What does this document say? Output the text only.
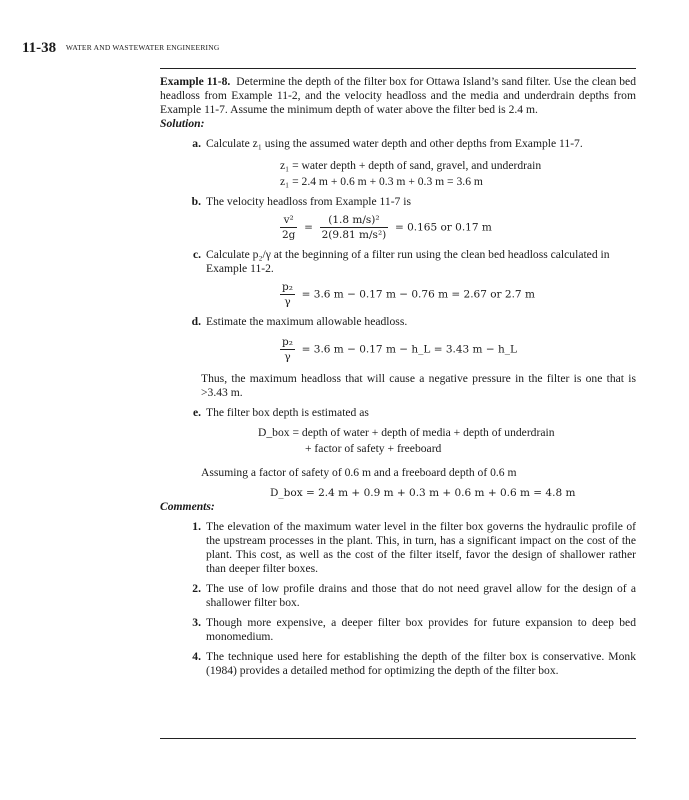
11-38 WATER AND WASTEWATER ENGINEERING

Example 11-8. Determine the depth of the filter box for Ottawa Island’s sand filter. Use the clean bed headloss from Example 11-2, and the velocity headloss and the media and underdrain depths from Example 11-7. Assume the minimum depth of water above the filter bed is 2.4 m.

Solution:

a. Calculate z₁ using the assumed water depth and other depths from Example 11-7.
z₁ = water depth + depth of sand, gravel, and underdrain
z₁ = 2.4 m + 0.6 m + 0.3 m + 0.3 m = 3.6 m
b. The velocity headloss from Example 11-7 is
$\frac{\text{v²}}{2g} = \frac{\text{(1.8 m/s)²}}{\text{2(9.81 m/s²)}} = 0.165$ or 0.17 m
c. Calculate p₂/γ at the beginning of a filter run using the clean bed headloss calculated in Example 11-2.
$\frac{\text{p₂}}{\gamma} = 3.6$ m − 0.17 m − 0.76 m = 2.67 or 2.7 m
d. Estimate the maximum allowable headloss.
$\frac{\text{p₂}}{\gamma} = 3.6$ m − 0.17 m − h_L = 3.43 m − h_L
Thus, the maximum headloss that will cause a negative pressure in the filter is one that is >3.43 m.
e. The filter box depth is estimated as
D_box = depth of water + depth of media + depth of underdrain
+ factor of safety + freeboard
Assuming a factor of safety of 0.6 m and a freeboard depth of 0.6 m
D_box = 2.4 m + 0.9 m + 0.3 m + 0.6 m + 0.6 m = 4.8 m

Comments:

1. The elevation of the maximum water level in the filter box governs the hydraulic profile of the upstream processes in the plant. This, in turn, has a significant impact on the cost of the plant. This cost, as well as the cost of the filter itself, favor the design of shallower rather than deeper filter boxes.
2. The use of low profile drains and those that do not need gravel allow for the design of a shallower filter box.
3. Though more expensive, a deeper filter box provides for future expansion to deep bed monomedium.
4. The technique used here for establishing the depth of the filter box is conservative. Monk (1984) provides a detailed method for optimizing the depth of the filter box.
